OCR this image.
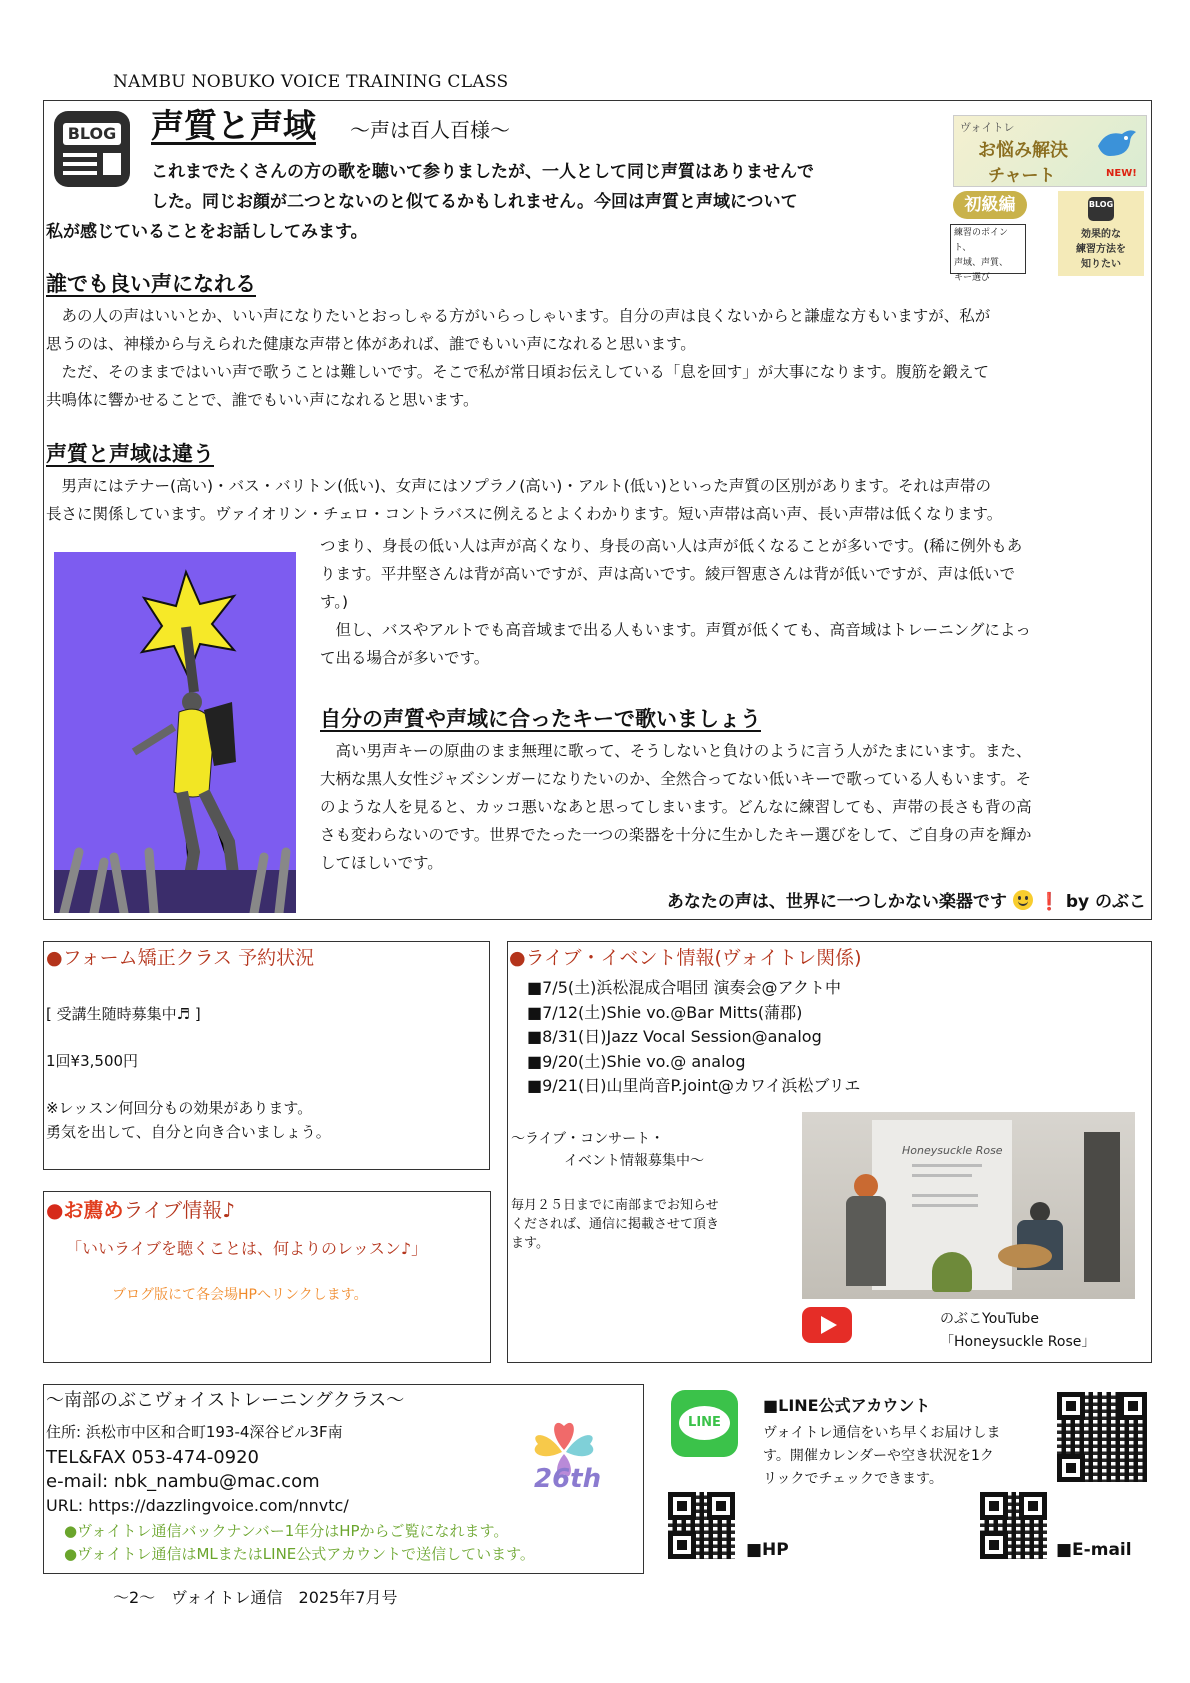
NAMBU NOBUKO VOICE TRAINING CLASS
BLOG 声質と声域 〜声は百人百様〜
これまでたくさんの方の歌を聴いて参りましたが、一人として同じ声質はありませんで
した。同じお顔が二つとないのと似てるかもしれません。今回は声質と声域について
私が感じていることをお話ししてみます。
ヴォイトレ
お悩み解決
チャート	NEW!
初級編
練習のポイント、
声域、声質、
キー選び
BLOG
効果的な
練習方法を
知りたい
誰でも良い声になれる
　あの人の声はいいとか、いい声になりたいとおっしゃる方がいらっしゃいます。自分の声は良くないからと謙虚な方もいますが、私が
思うのは、神様から与えられた健康な声帯と体があれば、誰でもいい声になれると思います。
　ただ、そのままではいい声で歌うことは難しいです。そこで私が常日頃お伝えしている「息を回す」が大事になります。腹筋を鍛えて
共鳴体に響かせることで、誰でもいい声になれると思います。
声質と声域は違う
　男声にはテナー(高い)・バス・バリトン(低い)、女声にはソプラノ(高い)・アルト(低い)といった声質の区別があります。それは声帯の
長さに関係しています。ヴァイオリン・チェロ・コントラバスに例えるとよくわかります。短い声帯は高い声、長い声帯は低くなります。
つまり、身長の低い人は声が高くなり、身長の高い人は声が低くなることが多いです。(稀に例外もあ
ります。平井堅さんは背が高いですが、声は高いです。綾戸智恵さんは背が低いですが、声は低いで
す。)
　但し、バスやアルトでも高音域まで出る人もいます。声質が低くても、高音域はトレーニングによっ
て出る場合が多いです。
自分の声質や声域に合ったキーで歌いましょう
　高い男声キーの原曲のまま無理に歌って、そうしないと負けのように言う人がたまにいます。また、
大柄な黒人女性ジャズシンガーになりたいのか、全然合ってない低いキーで歌っている人もいます。そ
のような人を見ると、カッコ悪いなあと思ってしまいます。どんなに練習しても、声帯の長さも背の高
さも変わらないのです。世界でたった一つの楽器を十分に生かしたキー選びをして、ご自身の声を輝か
してほしいです。
あなたの声は、世界に一つしかない楽器です ❗ by のぶこ
●フォーム矯正クラス 予約状況
[ 受講生随時募集中♬ ]
1回¥3,500円
※レッスン何回分もの効果があります。
勇気を出して、自分と向き合いましょう。
●お薦めライブ情報♪
「いいライブを聴くことは、何よりのレッスン♪」
ブログ版にて各会場HPへリンクします。
●ライブ・イベント情報(ヴォイトレ関係)
■7/5(土)浜松混成合唱団 演奏会@アクト中
■7/12(土)Shie vo.@Bar Mitts(蒲郡)
■8/31(日)Jazz Vocal Session@analog
■9/20(土)Shie vo.@ analog
■9/21(日)山里尚音P.joint@カワイ浜松ブリエ
〜ライブ・コンサート・
イベント情報募集中〜
毎月２５日までに南部までお知らせ
くだされば、通信に掲載させて頂き
ます。
Honeysuckle Rose
のぶこYouTube
「Honeysuckle Rose」
〜南部のぶこヴォイストレーニングクラス〜
住所: 浜松市中区和合町193-4深谷ビル3F南
TEL&FAX 053-474-0920
e-mail: nbk_nambu@mac.com
URL: https://dazzlingvoice.com/nnvtc/
●ヴォイトレ通信バックナンバー1年分はHPからご覧になれます。
●ヴォイトレ通信はMLまたはLINE公式アカウントで送信しています。
26th
LINE
■LINE公式アカウント
ヴォイトレ通信をいち早くお届けしま
す。開催カレンダーや空き状況を1ク
リックでチェックできます。
■HP	■E-mail
〜2〜　ヴォイトレ通信　2025年7月号
